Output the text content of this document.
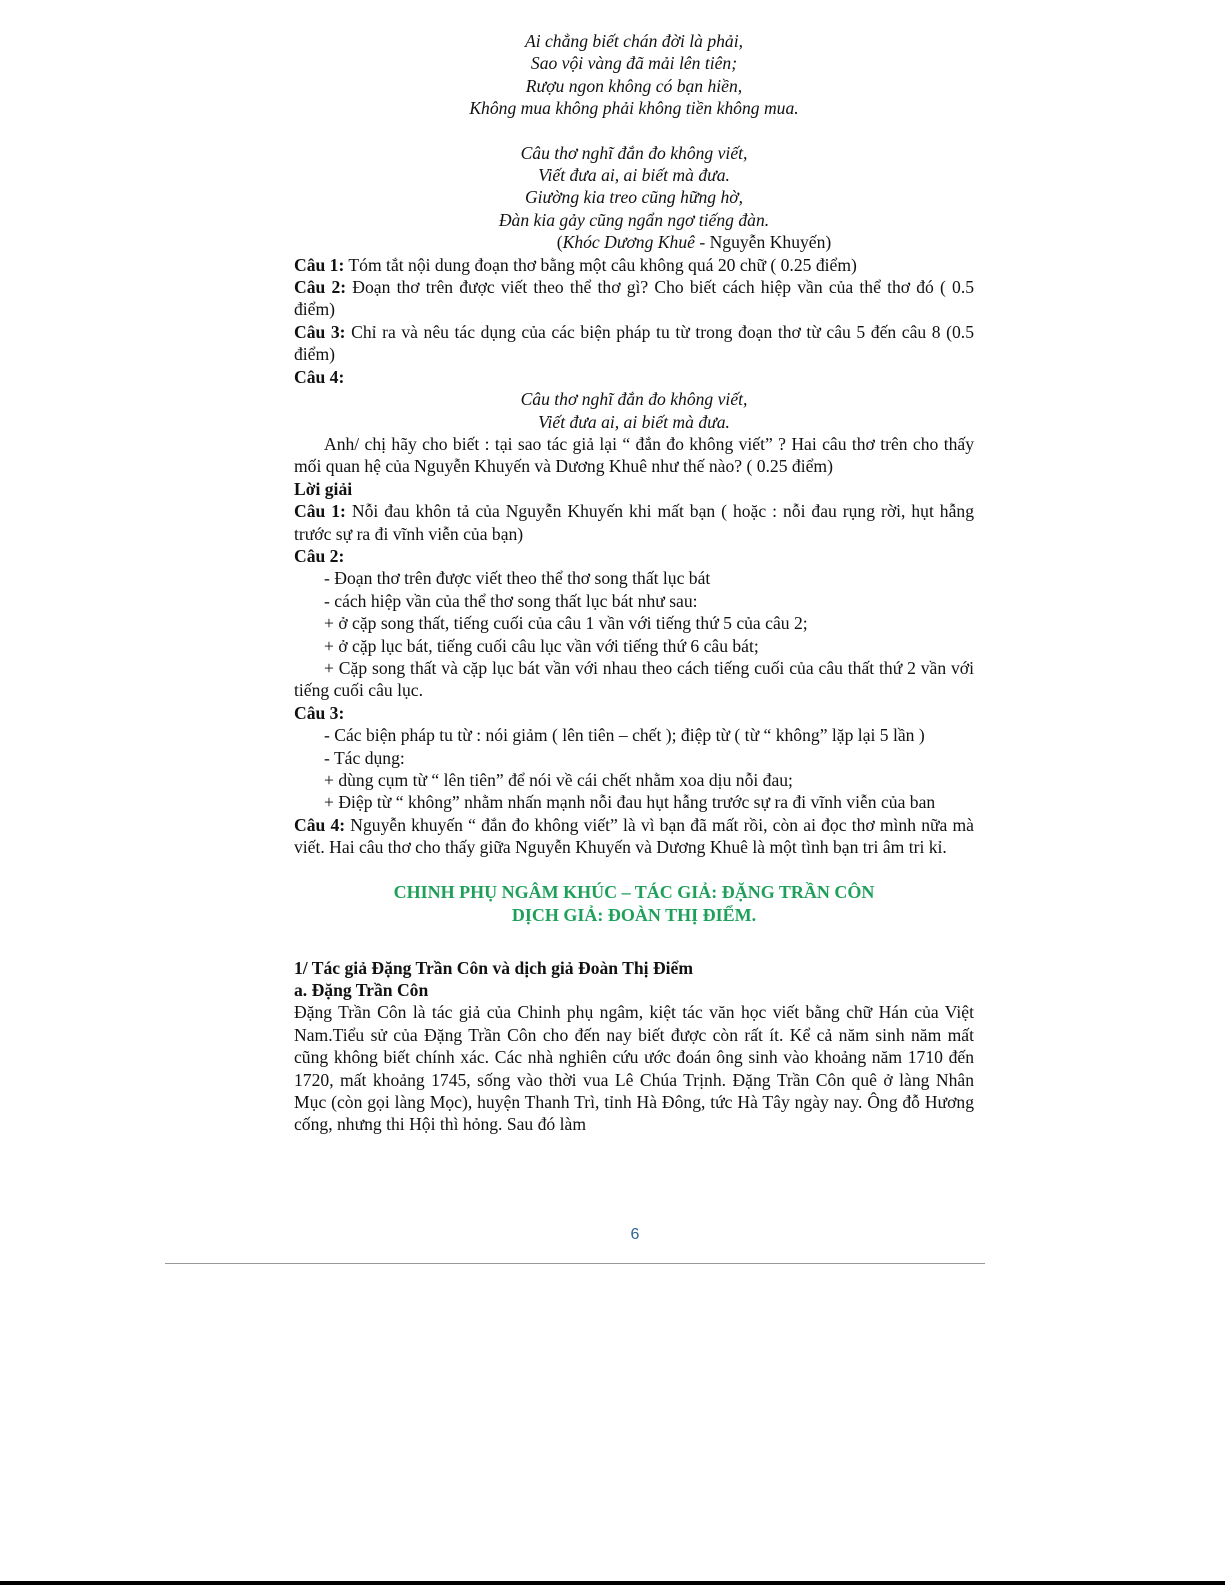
Ai chẳng biết chán đời là phải,
Sao vội vàng đã mải lên tiên;
Rượu ngon không có bạn hiền,
Không mua không phải không tiền không mua.
Câu thơ nghĩ đắn đo không viết,
Viết đưa ai, ai biết mà đưa.
Giường kia treo cũng hững hờ,
Đàn kia gảy cũng ngẩn ngơ tiếng đàn.
(Khóc Dương Khuê - Nguyễn Khuyến)
Câu 1: Tóm tắt nội dung đoạn thơ bằng một câu không quá 20 chữ ( 0.25 điểm)
Câu 2: Đoạn thơ trên được viết theo thể thơ gì? Cho biết cách hiệp vần của thể thơ đó ( 0.5 điểm)
Câu 3: Chỉ ra và nêu tác dụng của các biện pháp tu từ trong đoạn thơ từ câu 5 đến câu 8 (0.5 điểm)
Câu 4:
Câu thơ nghĩ đắn đo không viết,
Viết đưa ai, ai biết mà đưa.
Anh/ chị hãy cho biết : tại sao tác giả lại “ đắn đo không viết” ? Hai câu thơ trên cho thấy mối quan hệ của Nguyễn Khuyến và Dương Khuê như thế nào? ( 0.25 điểm)
Lời giải
Câu 1: Nỗi đau khôn tả của Nguyễn Khuyến khi mất bạn ( hoặc : nỗi đau rụng rời, hụt hẫng trước sự ra đi vĩnh viễn của bạn)
Câu 2:
- Đoạn thơ trên được viết theo thể thơ song thất lục bát
- cách hiệp vần của thể thơ song thất lục bát như sau:
+ ở cặp song thất, tiếng cuối của câu 1 vần với tiếng thứ 5 của câu 2;
+ ở cặp lục bát, tiếng cuối câu lục vần với tiếng thứ 6 câu bát;
+ Cặp song thất và cặp lục bát vần với nhau theo cách tiếng cuối của câu thất thứ 2 vần với tiếng cuối câu lục.
Câu 3:
- Các biện pháp tu từ : nói giảm ( lên tiên – chết ); điệp từ ( từ “ không” lặp lại 5 lần )
- Tác dụng:
+ dùng cụm từ “ lên tiên” để nói về cái chết nhằm xoa dịu nỗi đau;
+ Điệp từ “ không” nhằm nhấn mạnh nỗi đau hụt hẫng trước sự ra đi vĩnh viễn của ban
Câu 4: Nguyễn khuyến “ đắn đo không viết” là vì bạn đã mất rồi, còn ai đọc thơ mình nữa mà viết. Hai câu thơ cho thấy giữa Nguyễn Khuyến và Dương Khuê là một tình bạn tri âm tri kỉ.

CHINH PHỤ NGÂM KHÚC – TÁC GIẢ: ĐẶNG TRẦN CÔN
DỊCH GIẢ: ĐOÀN THỊ ĐIỂM.

1/ Tác giả Đặng Trần Côn và dịch giả Đoàn Thị Điểm
a. Đặng Trần Côn
Đặng Trần Côn là tác giả của Chinh phụ ngâm, kiệt tác văn học viết bằng chữ Hán của Việt Nam.Tiểu sử của Đặng Trần Côn cho đến nay biết được còn rất ít. Kể cả năm sinh năm mất cũng không biết chính xác. Các nhà nghiên cứu ước đoán ông sinh vào khoảng năm 1710 đến 1720, mất khoảng 1745, sống vào thời vua Lê Chúa Trịnh. Đặng Trần Côn quê ở làng Nhân Mục (còn gọi làng Mọc), huyện Thanh Trì, tỉnh Hà Đông, tức Hà Tây ngày nay. Ông đỗ Hương cống, nhưng thi Hội thì hỏng. Sau đó làm
6
